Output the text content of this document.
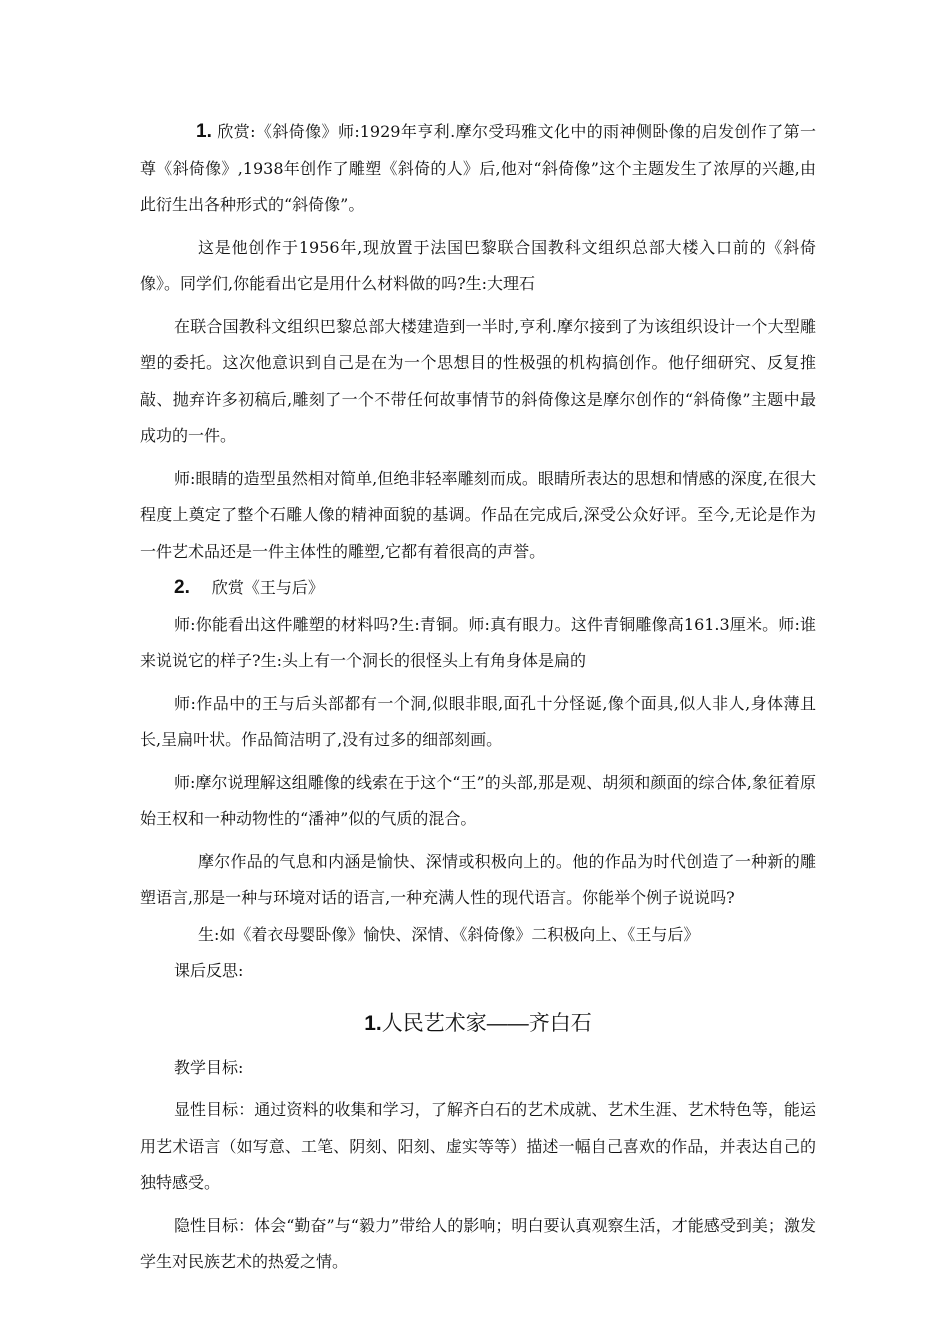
1. 欣赏:《斜倚像》师:1929年亨利.摩尔受玛雅文化中的雨神侧卧像的启发创作了第一尊《斜倚像》,1938年创作了雕塑《斜倚的人》后,他对“斜倚像”这个主题发生了浓厚的兴趣,由此衍生出各种形式的“斜倚像”。

这是他创作于1956年,现放置于法国巴黎联合国教科文组织总部大楼入口前的《斜倚像》。同学们,你能看出它是用什么材料做的吗?生:大理石

在联合国教科文组织巴黎总部大楼建造到一半时,亨利.摩尔接到了为该组织设计一个大型雕塑的委托。这次他意识到自己是在为一个思想目的性极强的机构搞创作。他仔细研究、反复推敲、抛弃许多初稿后,雕刻了一个不带任何故事情节的斜倚像这是摩尔创作的“斜倚像”主题中最成功的一件。

师:眼睛的造型虽然相对简单,但绝非轻率雕刻而成。眼睛所表达的思想和情感的深度,在很大程度上奠定了整个石雕人像的精神面貌的基调。作品在完成后,深受公众好评。至今,无论是作为一件艺术品还是一件主体性的雕塑,它都有着很高的声誉。

2. 欣赏《王与后》

师:你能看出这件雕塑的材料吗?生:青铜。师:真有眼力。这件青铜雕像高161.3厘米。师:谁来说说它的样子?生:头上有一个洞长的很怪头上有角身体是扁的

师:作品中的王与后头部都有一个洞,似眼非眼,面孔十分怪诞,像个面具,似人非人,身体薄且长,呈扁叶状。作品简洁明了,没有过多的细部刻画。

师:摩尔说理解这组雕像的线索在于这个“王”的头部,那是观、胡须和颜面的综合体,象征着原始王权和一种动物性的“潘神”似的气质的混合。

摩尔作品的气息和内涵是愉快、深情或积极向上的。他的作品为时代创造了一种新的雕塑语言,那是一种与环境对话的语言,一种充满人性的现代语言。你能举个例子说说吗?

生:如《着衣母婴卧像》愉快、深情、《斜倚像》二积极向上、《王与后》

课后反思:

1.人民艺术家——齐白石

教学目标:

显性目标：通过资料的收集和学习，了解齐白石的艺术成就、艺术生涯、艺术特色等，能运用艺术语言（如写意、工笔、阴刻、阳刻、虚实等等）描述一幅自己喜欢的作品，并表达自己的独特感受。

隐性目标：体会“勤奋”与“毅力”带给人的影响；明白要认真观察生活，才能感受到美；激发学生对民族艺术的热爱之情。
